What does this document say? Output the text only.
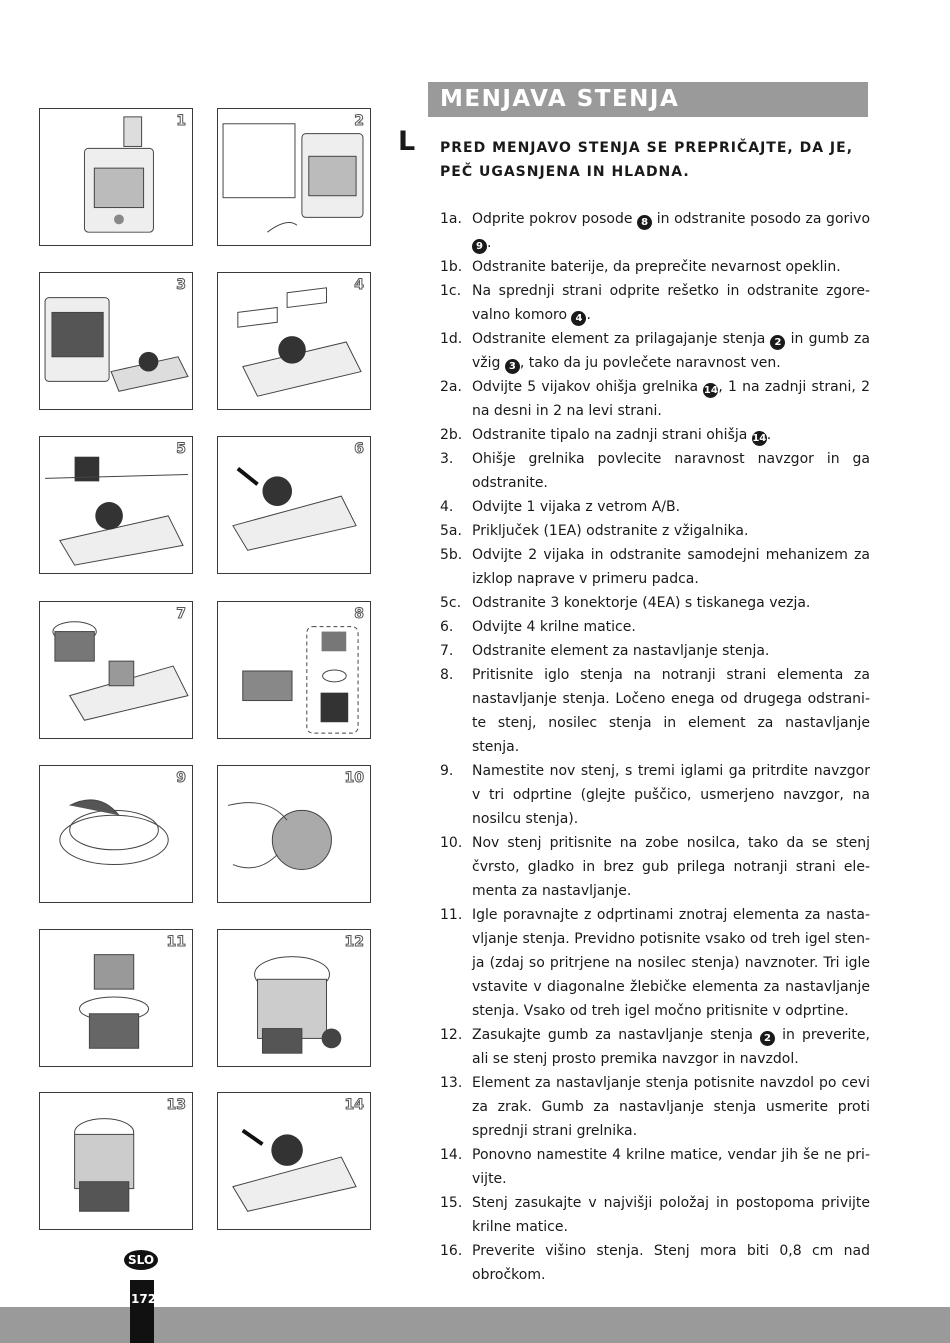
1	2
3	4
5	6
7	8
9	10
11	12
13	14
MENJAVA STENJA
L PRED MENJAVO STENJA SE PREPRIČAJTE, DA JE,
PEČ UGASNJENA IN HLADNA.
1a. Odprite pokrov posode 8 in odstranite posodo za gorivo 9 .
1b. Odstranite baterije, da preprečite nevarnost opeklin.
1c. Na sprednji strani odprite rešetko in odstranite zgore-valno komoro 4 .
1d. Odstranite element za prilagajanje stenja 2 in gumb za vžig 3 , tako da ju povlečete naravnost ven.
2a. Odvijte 5 vijakov ohišja grelnika 14, 1 na zadnji strani, 2 na desni in 2 na levi strani.
2b. Odstranite tipalo na zadnji strani ohišja 14.
3. Ohišje grelnika povlecite naravnost navzgor in ga odstranite.
4. Odvijte 1 vijaka z vetrom A/B.
5a. Priključek (1EA) odstranite z vžigalnika.
5b. Odvijte 2 vijaka in odstranite samodejni mehanizem za izklop naprave v primeru padca.
5c. Odstranite 3 konektorje (4EA) s tiskanega vezja.
6. Odvijte 4 krilne matice.
7. Odstranite element za nastavljanje stenja.
8. Pritisnite iglo stenja na notranji strani elementa za nastavljanje stenja. Ločeno enega od drugega odstrani-te stenj, nosilec stenja in element za nastavljanje stenja.
9. Namestite nov stenj, s tremi iglami ga pritrdite navzgor v tri odprtine (glejte puščico, usmerjeno navzgor, na nosilcu stenja).
10. Nov stenj pritisnite na zobe nosilca, tako da se stenj čvrsto, gladko in brez gub prilega notranji strani ele-menta za nastavljanje.
11. Igle poravnajte z odprtinami znotraj elementa za nasta-vljanje stenja. Previdno potisnite vsako od treh igel sten-ja (zdaj so pritrjene na nosilec stenja) navznoter. Tri igle vstavite v diagonalne žlebičke elementa za nastavljanje stenja. Vsako od treh igel močno pritisnite v odprtine.
12. Zasukajte gumb za nastavljanje stenja 2 in preverite, ali se stenj prosto premika navzgor in navzdol.
13. Element za nastavljanje stenja potisnite navzdol po cevi za zrak. Gumb za nastavljanje stenja usmerite proti sprednji strani grelnika.
14. Ponovno namestite 4 krilne matice, vendar jih še ne pri-vijte.
15. Stenj zasukajte v najvišji položaj in postopoma privijte krilne matice.
16. Preverite višino stenja. Stenj mora biti 0,8 cm nad obročkom.
SLO
172
